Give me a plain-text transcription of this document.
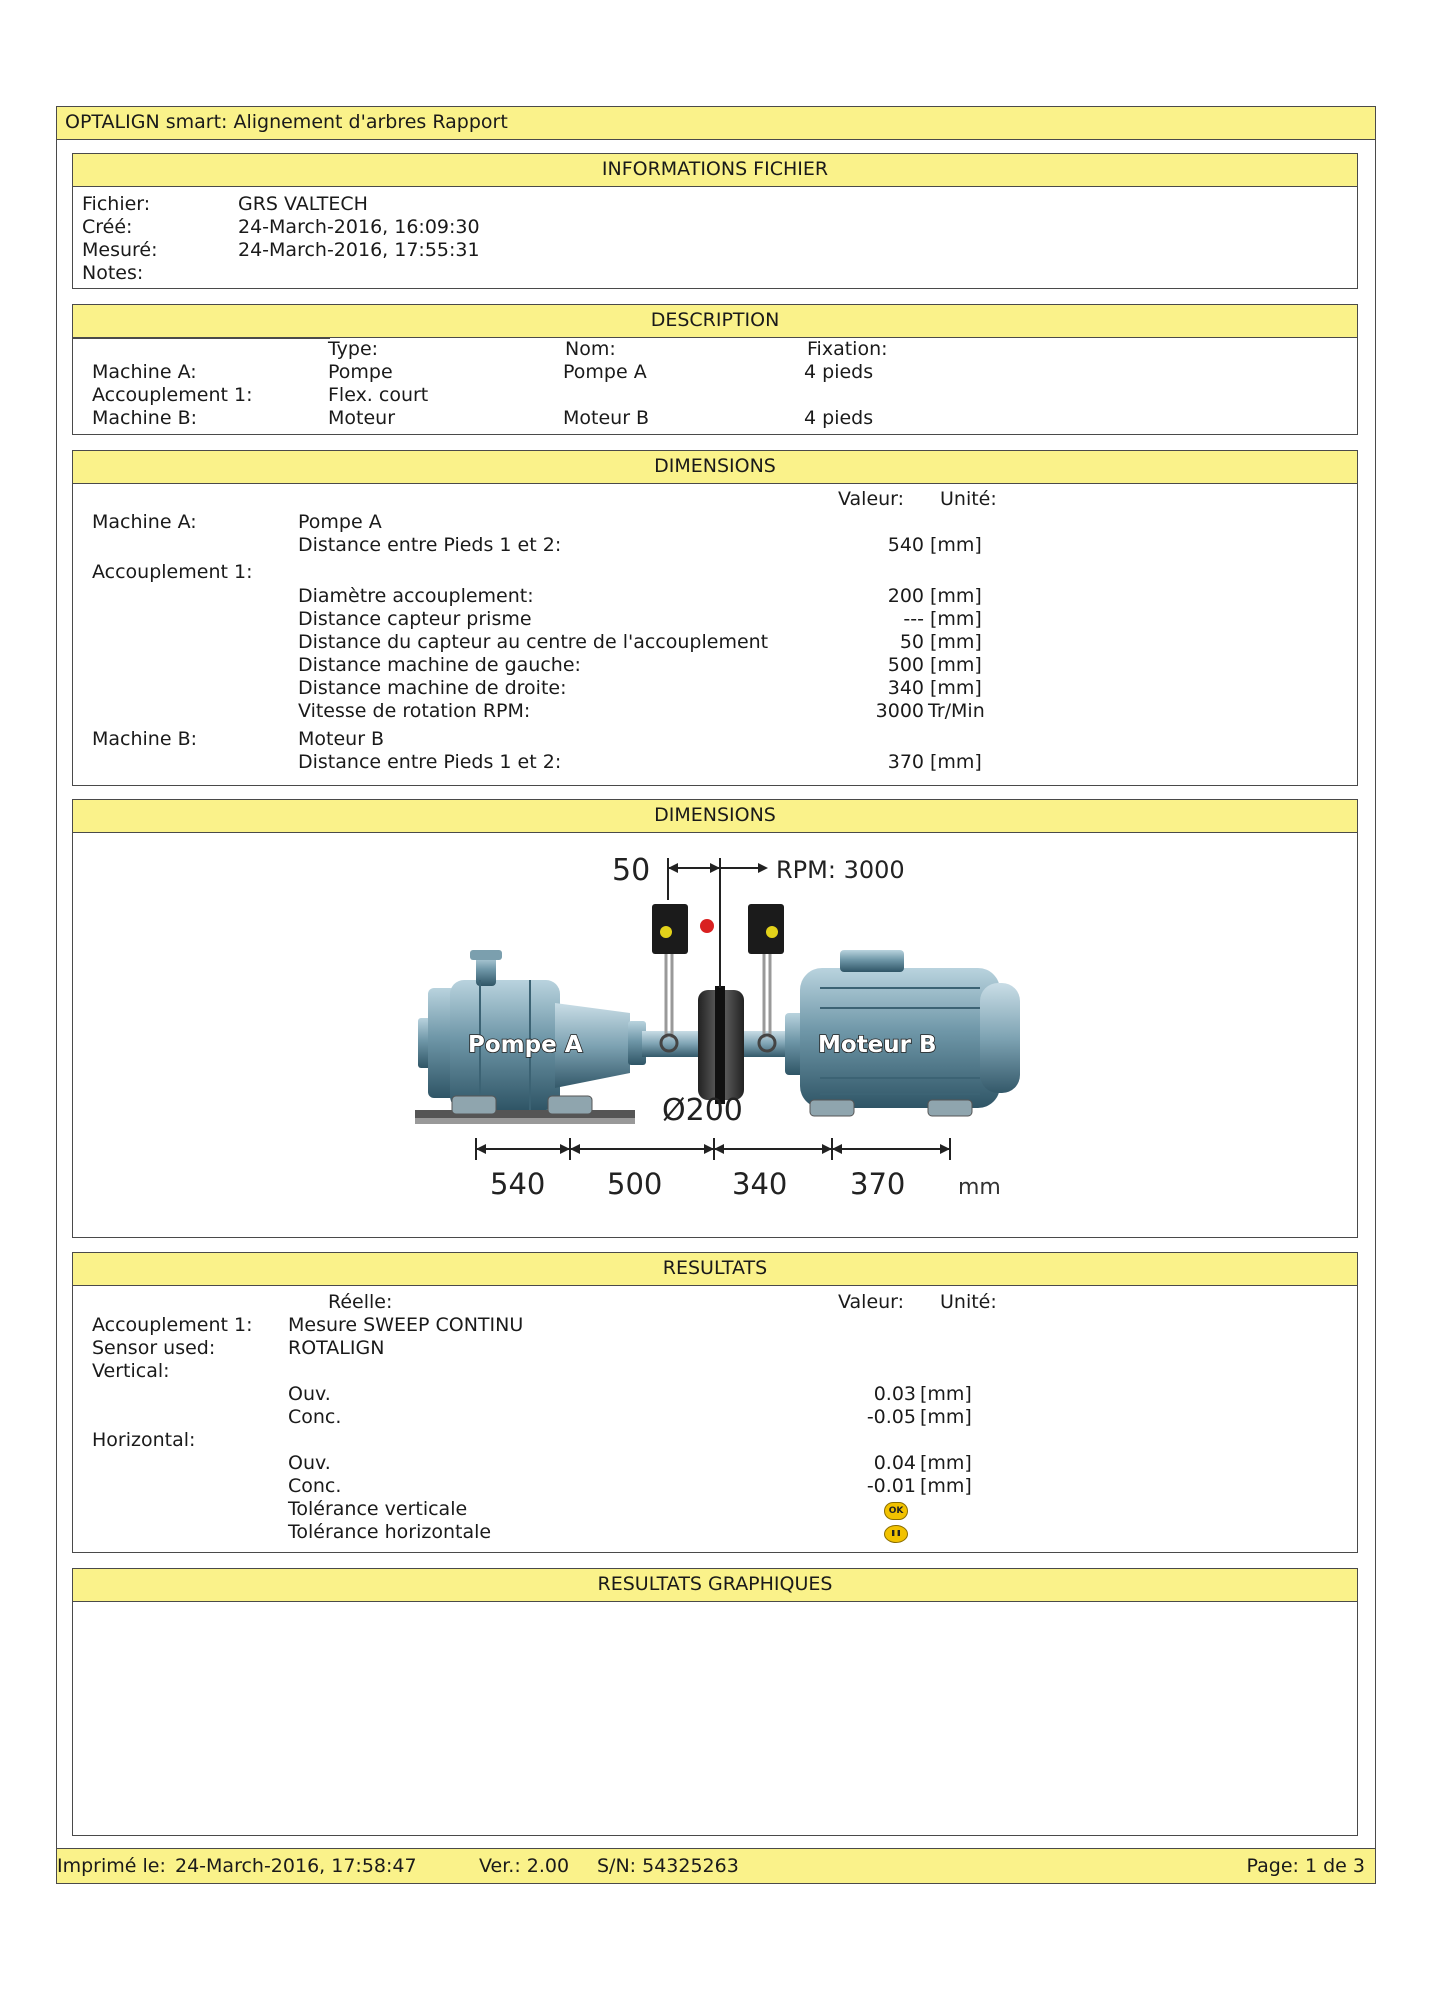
OPTALIGN smart: Alignement d'arbres Rapport
INFORMATIONS FICHIER
Fichier:	GRS VALTECH
Créé:	24-March-2016, 16:09:30
Mesuré:	24-March-2016, 17:55:31
Notes:
DESCRIPTION
Type:	Nom:	Fixation:
Machine A:	Pompe	Pompe A	4 pieds
Accouplement 1:	Flex. court
Machine B:	Moteur	Moteur B	4 pieds
DIMENSIONS
Valeur: Unité:
Machine A:	Pompe A
Distance entre Pieds 1 et 2:	540 [mm]
Accouplement 1:
Diamètre accouplement:	200 [mm]
Distance capteur prisme	--- [mm]
Distance du capteur au centre de l'accouplement	50 [mm]
Distance machine de gauche:	500 [mm]
Distance machine de droite:	340 [mm]
Vitesse de rotation RPM:	3000 Tr/Min
Machine B:	Moteur B
Distance entre Pieds 1 et 2:	370 [mm]
DIMENSIONS
50	RPM: 3000
Pompe A	Moteur B
Ø200
540 500 340 370 mm
RESULTATS
Réelle:	Valeur: Unité:
Accouplement 1: Mesure SWEEP CONTINU
Sensor used:	ROTALIGN
Vertical:
Ouv.	0.03 [mm]
Conc.	-0.05 [mm]
Horizontal:
Ouv.	0.04 [mm]
Conc.	-0.01 [mm]
Tolérance verticale	OK
Tolérance horizontale
RESULTATS GRAPHIQUES
Imprimé le: 24-March-2016, 17:58:47	Ver.: 2.00 S/N: 54325263	Page: 1 de 3
